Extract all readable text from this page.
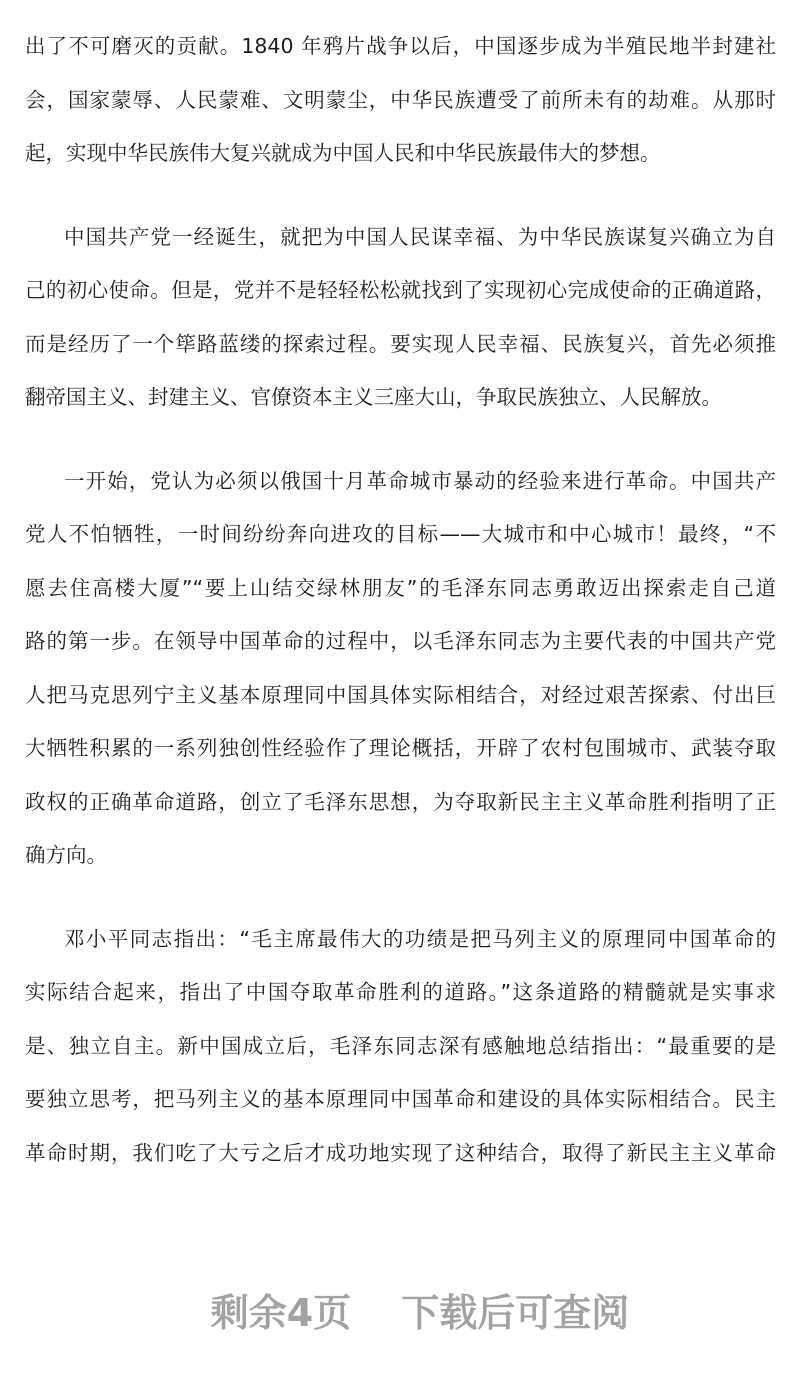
出了不可磨灭的贡献。1840 年鸦片战争以后，中国逐步成为半殖民地半封建社
会，国家蒙辱、人民蒙难、文明蒙尘，中华民族遭受了前所未有的劫难。从那时
起，实现中华民族伟大复兴就成为中国人民和中华民族最伟大的梦想。
中国共产党一经诞生，就把为中国人民谋幸福、为中华民族谋复兴确立为自
己的初心使命。但是，党并不是轻轻松松就找到了实现初心完成使命的正确道路，
而是经历了一个筚路蓝缕的探索过程。要实现人民幸福、民族复兴，首先必须推
翻帝国主义、封建主义、官僚资本主义三座大山，争取民族独立、人民解放。
一开始，党认为必须以俄国十月革命城市暴动的经验来进行革命。中国共产
党人不怕牺牲，一时间纷纷奔向进攻的目标——大城市和中心城市！最终，“不
愿去住高楼大厦”“要上山结交绿林朋友”的毛泽东同志勇敢迈出探索走自己道
路的第一步。在领导中国革命的过程中，以毛泽东同志为主要代表的中国共产党
人把马克思列宁主义基本原理同中国具体实际相结合，对经过艰苦探索、付出巨
大牺牲积累的一系列独创性经验作了理论概括，开辟了农村包围城市、武装夺取
政权的正确革命道路，创立了毛泽东思想，为夺取新民主主义革命胜利指明了正
确方向。
邓小平同志指出：“毛主席最伟大的功绩是把马列主义的原理同中国革命的
实际结合起来，指出了中国夺取革命胜利的道路。”这条道路的精髓就是实事求
是、独立自主。新中国成立后，毛泽东同志深有感触地总结指出：“最重要的是
要独立思考，把马列主义的基本原理同中国革命和建设的具体实际相结合。民主
革命时期，我们吃了大亏之后才成功地实现了这种结合，取得了新民主主义革命
剩余4页 下载后可查阅
